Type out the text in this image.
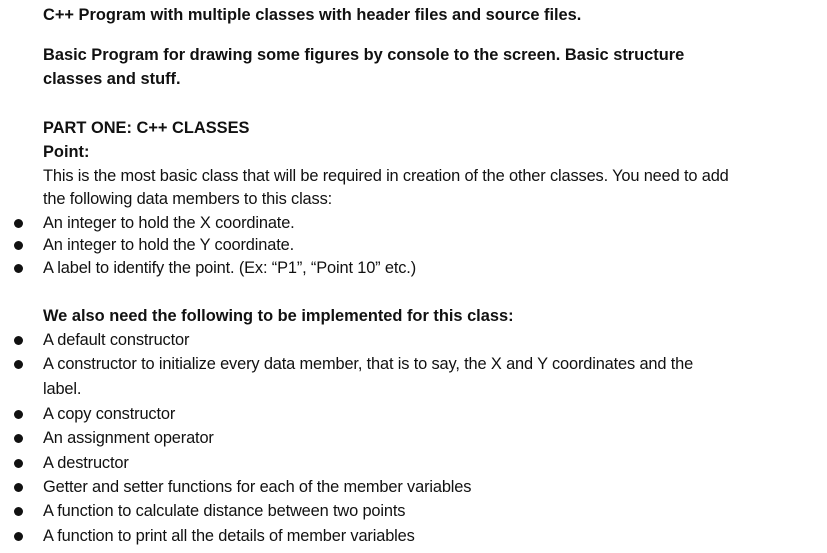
C++ Program with multiple classes with header files and source files.
Basic Program for drawing some figures by console to the screen. Basic structure
classes and stuff.
PART ONE: C++ CLASSES
Point:
This is the most basic class that will be required in creation of the other classes. You need to add
the following data members to this class:
An integer to hold the X coordinate.
An integer to hold the Y coordinate.
A label to identify the point. (Ex: “P1”, “Point 10” etc.)
We also need the following to be implemented for this class:
A default constructor
A constructor to initialize every data member, that is to say, the X and Y coordinates and the
label.
A copy constructor
An assignment operator
A destructor
Getter and setter functions for each of the member variables
A function to calculate distance between two points
A function to print all the details of member variables
